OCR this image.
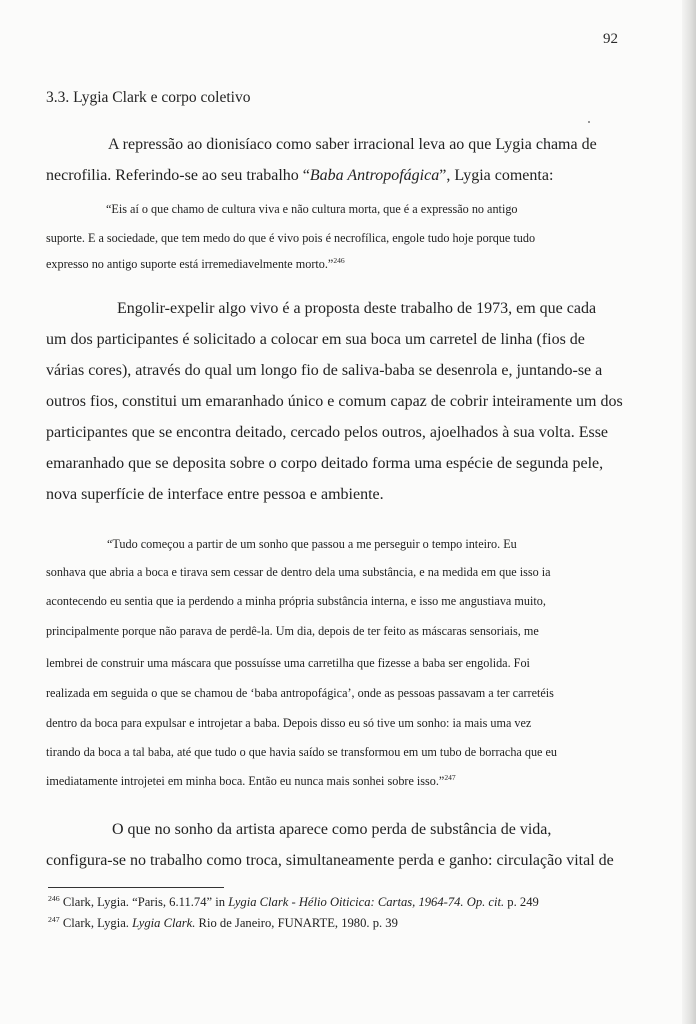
92
3.3. Lygia Clark e corpo coletivo
A repressão ao dionisíaco como saber irracional leva ao que Lygia chama de
necrofilia. Referindo-se ao seu trabalho “Baba Antropofágica”, Lygia comenta:
“Eis aí o que chamo de cultura viva e não cultura morta, que é a expressão no antigo
suporte. E a sociedade, que tem medo do que é vivo pois é necrofílica, engole tudo hoje porque tudo
expresso no antigo suporte está irremediavelmente morto.”$^{246}$
Engolir-expelir algo vivo é a proposta deste trabalho de 1973, em que cada
um dos participantes é solicitado a colocar em sua boca um carretel de linha (fios de
várias cores), através do qual um longo fio de saliva-baba se desenrola e, juntando-se a
outros fios, constitui um emaranhado único e comum capaz de cobrir inteiramente um dos
participantes que se encontra deitado, cercado pelos outros, ajoelhados à sua volta. Esse
emaranhado que se deposita sobre o corpo deitado forma uma espécie de segunda pele,
nova superfície de interface entre pessoa e ambiente.
“Tudo começou a partir de um sonho que passou a me perseguir o tempo inteiro. Eu
sonhava que abria a boca e tirava sem cessar de dentro dela uma substância, e na medida em que isso ia
acontecendo eu sentia que ia perdendo a minha própria substância interna, e isso me angustiava muito,
principalmente porque não parava de perdê-la. Um dia, depois de ter feito as máscaras sensoriais, me
lembrei de construir uma máscara que possuísse uma carretilha que fizesse a baba ser engolida. Foi
realizada em seguida o que se chamou de ‘baba antropofágica’, onde as pessoas passavam a ter carretéis
dentro da boca para expulsar e introjetar a baba. Depois disso eu só tive um sonho: ia mais uma vez
tirando da boca a tal baba, até que tudo o que havia saído se transformou em um tubo de borracha que eu
imediatamente introjetei em minha boca. Então eu nunca mais sonhei sobre isso.”$^{247}$
O que no sonho da artista aparece como perda de substância de vida,
configura-se no trabalho como troca, simultaneamente perda e ganho: circulação vital de
$^{246}$ Clark, Lygia. “Paris, 6.11.74” in Lygia Clark - Hélio Oiticica: Cartas, 1964-74. Op. cit. p. 249
$^{247}$ Clark, Lygia. Lygia Clark. Rio de Janeiro, FUNARTE, 1980. p. 39
